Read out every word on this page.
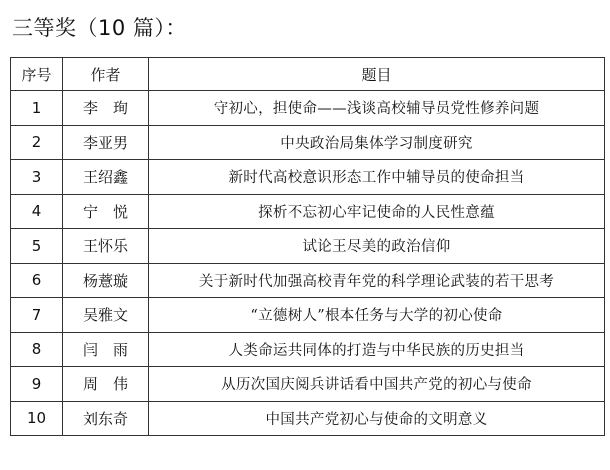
三等奖（10 篇）：
序号	作者	题目
1	李　珣	守初心，担使命——浅谈高校辅导员党性修养问题
2	李亚男	中央政治局集体学习制度研究
3	王绍鑫	新时代高校意识形态工作中辅导员的使命担当
4	宁　悦	探析不忘初心牢记使命的人民性意蕴
5	王怀乐	试论王尽美的政治信仰
6	杨薏璇	关于新时代加强高校青年党的科学理论武装的若干思考
7	吴雅文	“立德树人”根本任务与大学的初心使命
8	闫　雨	人类命运共同体的打造与中华民族的历史担当
9	周　伟	从历次国庆阅兵讲话看中国共产党的初心与使命
10	刘东奇	中国共产党初心与使命的文明意义
